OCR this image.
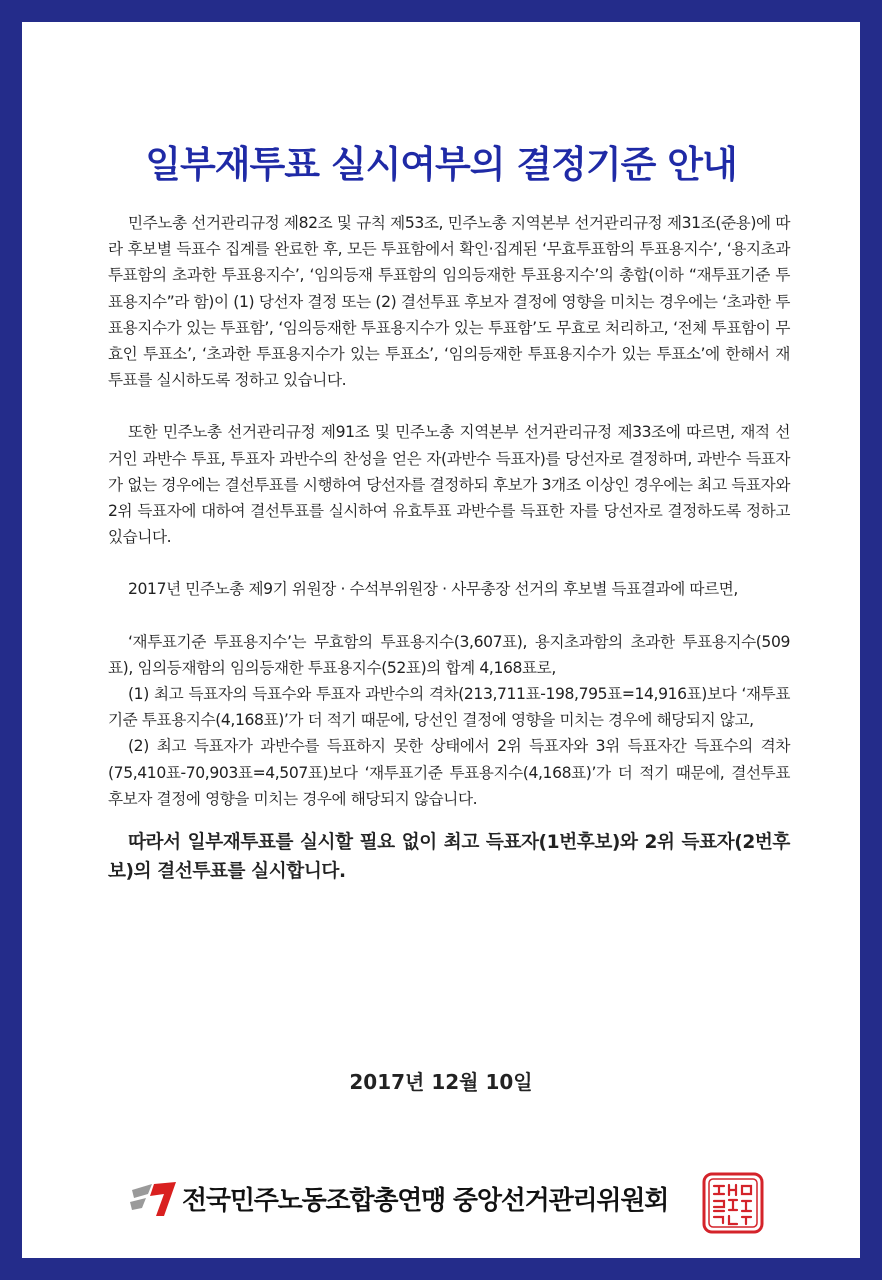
일부재투표 실시여부의 결정기준 안내

민주노총 선거관리규정 제82조 및 규칙 제53조, 민주노총 지역본부 선거관리규정 제31조(준용)에 따라 후보별 득표수 집계를 완료한 후, 모든 투표함에서 확인·집계된 ‘무효투표함의 투표용지수’, ‘용지초과 투표함의 초과한 투표용지수’, ‘임의등재 투표함의 임의등재한 투표용지수’의 총합(이하 “재투표기준 투표용지수”라 함)이 (1) 당선자 결정 또는 (2) 결선투표 후보자 결정에 영향을 미치는 경우에는 ‘초과한 투표용지수가 있는 투표함’, ‘임의등재한 투표용지수가 있는 투표함’도 무효로 처리하고, ‘전체 투표함이 무효인 투표소’, ‘초과한 투표용지수가 있는 투표소’, ‘임의등재한 투표용지수가 있는 투표소’에 한해서 재투표를 실시하도록 정하고 있습니다.

또한 민주노총 선거관리규정 제91조 및 민주노총 지역본부 선거관리규정 제33조에 따르면, 재적 선거인 과반수 투표, 투표자 과반수의 찬성을 얻은 자(과반수 득표자)를 당선자로 결정하며, 과반수 득표자가 없는 경우에는 결선투표를 시행하여 당선자를 결정하되 후보가 3개조 이상인 경우에는 최고 득표자와 2위 득표자에 대하여 결선투표를 실시하여 유효투표 과반수를 득표한 자를 당선자로 결정하도록 정하고 있습니다.

2017년 민주노총 제9기 위원장 · 수석부위원장 · 사무총장 선거의 후보별 득표결과에 따르면,

‘재투표기준 투표용지수’는 무효함의 투표용지수(3,607표), 용지초과함의 초과한 투표용지수(509표), 임의등재함의 임의등재한 투표용지수(52표)의 합계 4,168표로,

(1) 최고 득표자의 득표수와 투표자 과반수의 격차(213,711표-198,795표=14,916표)보다 ‘재투표기준 투표용지수(4,168표)’가 더 적기 때문에, 당선인 결정에 영향을 미치는 경우에 해당되지 않고,

(2) 최고 득표자가 과반수를 득표하지 못한 상태에서 2위 득표자와 3위 득표자간 득표수의 격차(75,410표-70,903표=4,507표)보다 ‘재투표기준 투표용지수(4,168표)’가 더 적기 때문에, 결선투표 후보자 결정에 영향을 미치는 경우에 해당되지 않습니다.

따라서 일부재투표를 실시할 필요 없이 최고 득표자(1번후보)와 2위 득표자(2번후보)의 결선투표를 실시합니다.

2017년 12월 10일

전국민주노동조합총연맹 중앙선거관리위원회
